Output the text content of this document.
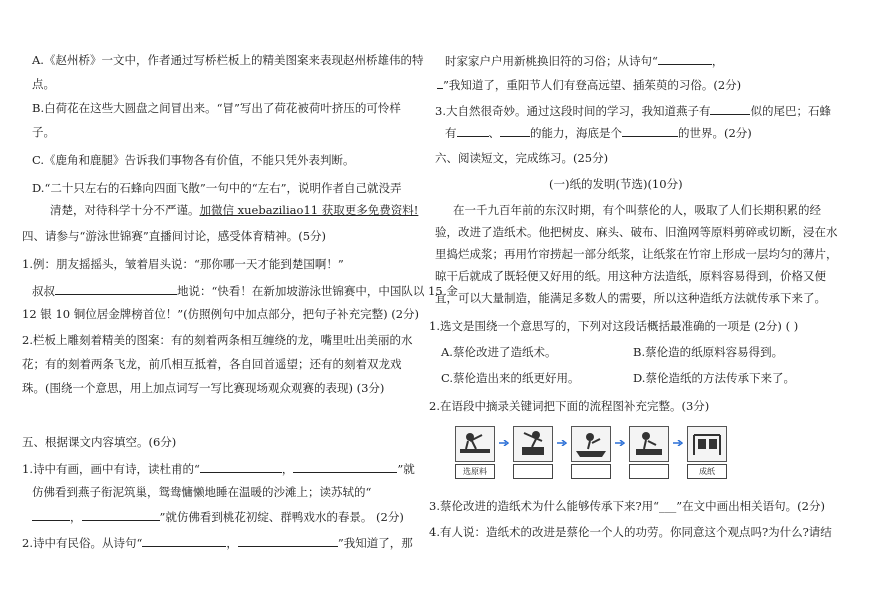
A.《赵州桥》一文中，作者通过写桥栏板上的精美图案来表现赵州桥雄伟的特
点。
B.白荷花在这些大圆盘之间冒出来。“冒”写出了荷花被荷叶挤压的可怜样
子。
C.《鹿角和鹿腿》告诉我们事物各有价值，不能只凭外表判断。
D.“二十只左右的石蜂向四面飞散”一句中的“左右”，说明作者自己就没弄
清楚，对待科学十分不严谨。加微信 xuebaziliao11 获取更多免费资料!
四、请参与“游泳世锦赛”直播间讨论，感受体育精神。(5分)
1.例：朋友摇摇头，皱着眉头说：“那你哪一天才能到楚国啊！”
叔叔	地说：“快看！在新加坡游泳世锦赛中，中国队以 15 金
12 银 10 铜位居金牌榜首位！”(仿照例句中加点部分，把句子补充完整) (2分)
2.栏板上雕刻着精美的图案：有的刻着两条相互缠绕的龙，嘴里吐出美丽的水
花；有的刻着两条飞龙，前爪相互抵着，各自回首遥望；还有的刻着双龙戏
珠。(围绕一个意思，用上加点词写一写比赛现场观众观赛的表现) (3分)
五、根据课文内容填空。(6分)
1.诗中有画，画中有诗，读杜甫的“	，	”就
仿佛看到燕子衔泥筑巢，鸳鸯慵懒地睡在温暖的沙滩上；读苏轼的“
，	”就仿佛看到桃花初绽、群鸭戏水的春景。 (2分)
2.诗中有民俗。从诗句“	，	”我知道了，那
时家家户户用新桃换旧符的习俗；从诗句“	，
”我知道了，重阳节人们有登高远望、插茱萸的习俗。(2分)
3.大自然很奇妙。通过这段时间的学习，我知道燕子有	似的尾巴；石蜂
有	、	的能力，海底是个	的世界。(2分)
六、阅读短文，完成练习。(25分)
(一)纸的发明(节选)(10分)
在一千九百年前的东汉时期，有个叫蔡伦的人，吸取了人们长期积累的经
验，改进了造纸术。他把树皮、麻头、破布、旧渔网等原料剪碎或切断，浸在水
里捣烂成浆；再用竹帘捞起一部分纸浆，让纸浆在竹帘上形成一层均匀的薄片，
晾干后就成了既轻便又好用的纸。用这种方法造纸，原料容易得到，价格又便
宜，可以大量制造，能满足多数人的需要，所以这种造纸方法就传承下来了。
1.选文是围绕一个意思写的，下列对这段话概括最准确的一项是 (2分) ( )
A.蔡伦改进了造纸术。	B.蔡伦造的纸原料容易得到。
C.蔡伦造出来的纸更好用。	D.蔡伦造纸的方法传承下来了。
2.在语段中摘录关键词把下面的流程图补充完整。(3分)
3.蔡伦改进的造纸术为什么能够传承下来?用“___”在文中画出相关语句。(2分)
4.有人说：造纸术的改进是蔡伦一个人的功劳。你同意这个观点吗?为什么?请结
选原料	成纸
